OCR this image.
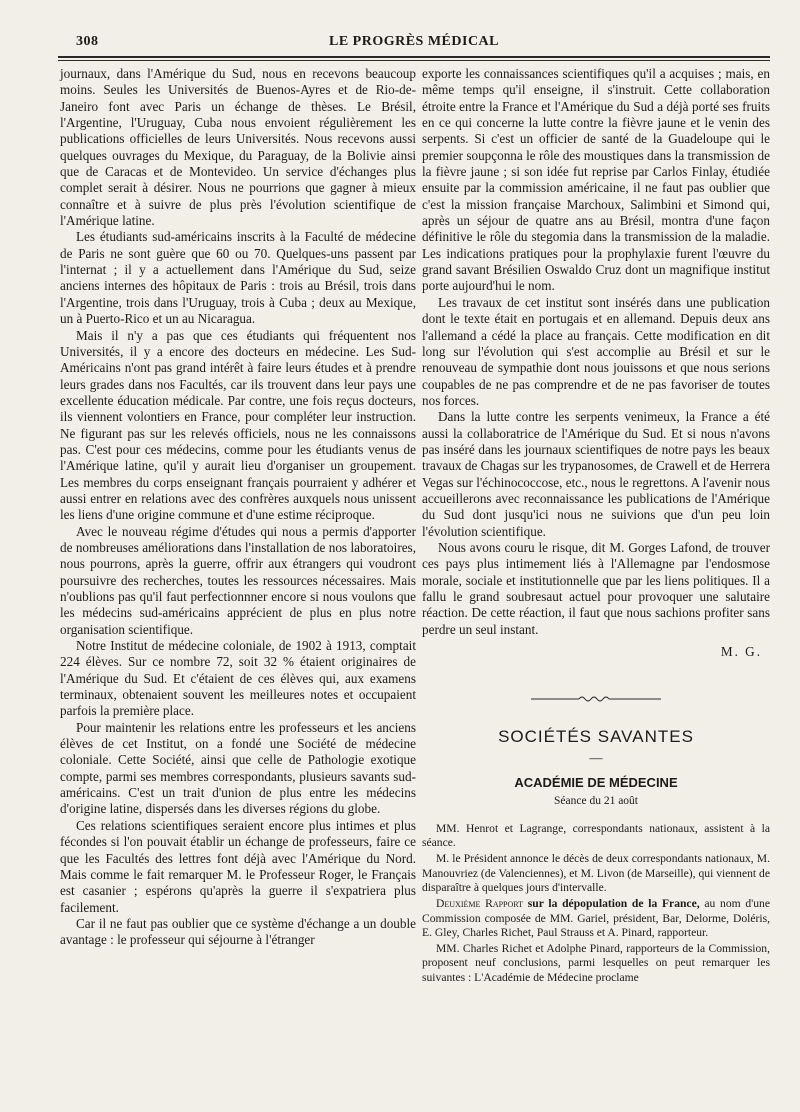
308	LE PROGRÈS MÉDICAL

journaux, dans l'Amérique du Sud, nous en recevons beaucoup moins. Seules les Universités de Buenos-Ayres et de Rio-de-Janeiro font avec Paris un échange de thèses. Le Brésil, l'Argentine, l'Uruguay, Cuba nous envoient régulièrement les publications officielles de leurs Universités. Nous recevons aussi quelques ouvrages du Mexique, du Paraguay, de la Bolivie ainsi que de Caracas et de Montevideo. Un service d'échanges plus complet serait à désirer. Nous ne pourrions que gagner à mieux connaître et à suivre de plus près l'évolution scientifique de l'Amérique latine.

Les étudiants sud-américains inscrits à la Faculté de médecine de Paris ne sont guère que 60 ou 70. Quelques-uns passent par l'internat ; il y a actuellement dans l'Amérique du Sud, seize anciens internes des hôpitaux de Paris : trois au Brésil, trois dans l'Argentine, trois dans l'Uruguay, trois à Cuba ; deux au Mexique, un à Puerto-Rico et un au Nicaragua.

Mais il n'y a pas que ces étudiants qui fréquentent nos Universités, il y a encore des docteurs en médecine. Les Sud-Américains n'ont pas grand intérêt à faire leurs études et à prendre leurs grades dans nos Facultés, car ils trouvent dans leur pays une excellente éducation médicale. Par contre, une fois reçus docteurs, ils viennent volontiers en France, pour compléter leur instruction. Ne figurant pas sur les relevés officiels, nous ne les connaissons pas. C'est pour ces médecins, comme pour les étudiants venus de l'Amérique latine, qu'il y aurait lieu d'organiser un groupement. Les membres du corps enseignant français pourraient y adhérer et aussi entrer en relations avec des confrères auxquels nous unissent les liens d'une origine commune et d'une estime réciproque.

Avec le nouveau régime d'études qui nous a permis d'apporter de nombreuses améliorations dans l'installation de nos laboratoires, nous pourrons, après la guerre, offrir aux étrangers qui voudront poursuivre des recherches, toutes les ressources nécessaires. Mais n'oublions pas qu'il faut perfectionnner encore si nous voulons que les médecins sud-américains apprécient de plus en plus notre organisation scientifique.

Notre Institut de médecine coloniale, de 1902 à 1913, comptait 224 élèves. Sur ce nombre 72, soit 32 % étaient originaires de l'Amérique du Sud. Et c'étaient de ces élèves qui, aux examens terminaux, obtenaient souvent les meilleures notes et occupaient parfois la première place.

Pour maintenir les relations entre les professeurs et les anciens élèves de cet Institut, on a fondé une Société de médecine coloniale. Cette Société, ainsi que celle de Pathologie exotique compte, parmi ses membres correspondants, plusieurs savants sud-américains. C'est un trait d'union de plus entre les médecins d'origine latine, dispersés dans les diverses régions du globe.

Ces relations scientifiques seraient encore plus intimes et plus fécondes si l'on pouvait établir un échange de professeurs, faire ce que les Facultés des lettres font déjà avec l'Amérique du Nord. Mais comme le fait remarquer M. le Professeur Roger, le Français est casanier ; espérons qu'après la guerre il s'expatriera plus facilement.

Car il ne faut pas oublier que ce système d'échange a un double avantage : le professeur qui séjourne à l'étranger

exporte les connaissances scientifiques qu'il a acquises ; mais, en même temps qu'il enseigne, il s'instruit. Cette collaboration étroite entre la France et l'Amérique du Sud a déjà porté ses fruits en ce qui concerne la lutte contre la fièvre jaune et le venin des serpents. Si c'est un officier de santé de la Guadeloupe qui le premier soupçonna le rôle des moustiques dans la transmission de la fièvre jaune ; si son idée fut reprise par Carlos Finlay, étudiée ensuite par la commission américaine, il ne faut pas oublier que c'est la mission française Marchoux, Salimbini et Simond qui, après un séjour de quatre ans au Brésil, montra d'une façon définitive le rôle du stegomia dans la transmission de la maladie. Les indications pratiques pour la prophylaxie furent l'œuvre du grand savant Brésilien Oswaldo Cruz dont un magnifique institut porte aujourd'hui le nom.

Les travaux de cet institut sont insérés dans une publication dont le texte était en portugais et en allemand. Depuis deux ans l'allemand a cédé la place au français. Cette modification en dit long sur l'évolution qui s'est accomplie au Brésil et sur le renouveau de sympathie dont nous jouissons et que nous serions coupables de ne pas comprendre et de ne pas favoriser de toutes nos forces.

Dans la lutte contre les serpents venimeux, la France a été aussi la collaboratrice de l'Amérique du Sud. Et si nous n'avons pas inséré dans les journaux scientifiques de notre pays les beaux travaux de Chagas sur les trypanosomes, de Crawell et de Herrera Vegas sur l'échinococcose, etc., nous le regrettons. A l'avenir nous accueillerons avec reconnaissance les publications de l'Amérique du Sud dont jusqu'ici nous ne suivions que d'un peu loin l'évolution scientifique.

Nous avons couru le risque, dit M. Gorges Lafond, de trouver ces pays plus intimement liés à l'Allemagne par l'endosmose morale, sociale et institutionnelle que par les liens politiques. Il a fallu le grand soubresaut actuel pour provoquer une salutaire réaction. De cette réaction, il faut que nous sachions profiter sans perdre un seul instant.

M. G.
SOCIÉTÉS SAVANTES
—
ACADÉMIE DE MÉDECINE
Séance du 21 août

MM. Henrot et Lagrange, correspondants nationaux, assistent à la séance.

M. le Président annonce le décès de deux correspondants nationaux, M. Manouvriez (de Valenciennes), et M. Livon (de Marseille), qui viennent de disparaître à quelques jours d'intervalle.

Deuxième Rapport sur la dépopulation de la France, au nom d'une Commission composée de MM. Gariel, président, Bar, Delorme, Doléris, E. Gley, Charles Richet, Paul Strauss et A. Pinard, rapporteur.

MM. Charles Richet et Adolphe Pinard, rapporteurs de la Commission, proposent neuf conclusions, parmi lesquelles on peut remarquer les suivantes : L'Académie de Médecine proclame
